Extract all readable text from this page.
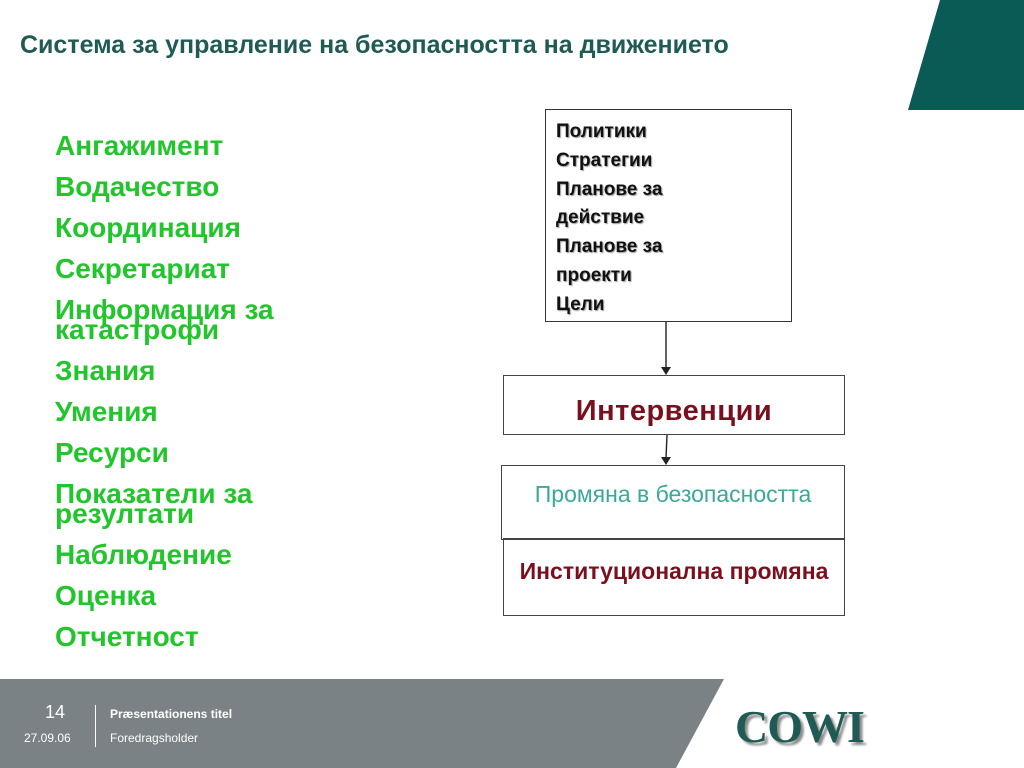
Система за управление на безопасността на движението
Ангажимент
Водачество
Координация
Секретариат
Информация за катастрофи
Знания
Умения
Ресурси
Показатели за резултати
Наблюдение
Оценка
Отчетност
Политики
Стратегии
Планове за
действие
Планове за
проекти
Цели
Интервенции
Промяна в безопасността
Институционална промяна
14
27.09.06
Præsentationens titel
Foredragsholder	COWI
